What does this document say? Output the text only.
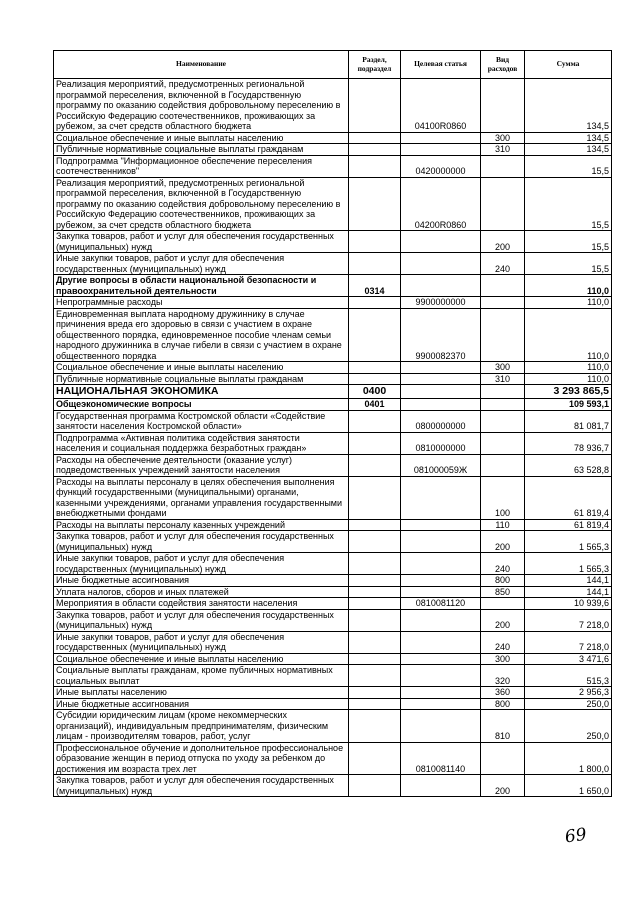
Наименование	Раздел, подраздел	Целевая статья	Вид расходов	Сумма
Реализация мероприятий, предусмотренных региональной программой переселения, включенной в Государственную программу по оказанию содействия добровольному переселению в Российскую Федерацию соотечественников, проживающих за рубежом, за счет средств областного бюджета		04100R0860		134,5
Социальное обеспечение и иные выплаты населению			300	134,5
Публичные нормативные социальные выплаты гражданам			310	134,5
Подпрограмма "Информационное обеспечение переселения соотечественников"		0420000000		15,5
Реализация мероприятий, предусмотренных региональной программой переселения, включенной в Государственную программу по оказанию содействия добровольному переселению в Российскую Федерацию соотечественников, проживающих за рубежом, за счет средств областного бюджета		04200R0860		15,5
Закупка товаров, работ и услуг для обеспечения государственных (муниципальных) нужд			200	15,5
Иные закупки товаров, работ и услуг для обеспечения государственных (муниципальных) нужд			240	15,5
Другие вопросы в области национальной безопасности и правоохранительной деятельности	0314			110,0
Непрограммные расходы		9900000000		110,0
Единовременная выплата народному дружиннику в случае причинения вреда его здоровью в связи с участием в охране общественного порядка, единовременное пособие членам семьи народного дружинника в случае гибели в связи с участием в охране общественного порядка		9900082370		110,0
Социальное обеспечение и иные выплаты населению			300	110,0
Публичные нормативные социальные выплаты гражданам			310	110,0
НАЦИОНАЛЬНАЯ ЭКОНОМИКА	0400			3 293 865,5
Общеэкономические вопросы	0401			109 593,1
Государственная программа Костромской области «Содействие занятости населения Костромской области»		0800000000		81 081,7
Подпрограмма «Активная политика содействия занятости населения и социальная поддержка безработных граждан»		0810000000		78 936,7
Расходы на обеспечение деятельности (оказание услуг) подведомственных учреждений занятости населения		081000059Ж		63 528,8
Расходы на выплаты персоналу в целях обеспечения выполнения функций государственными (муниципальными) органами, казенными учреждениями, органами управления государственными внебюджетными фондами			100	61 819,4
Расходы на выплаты персоналу казенных учреждений			110	61 819,4
Закупка товаров, работ и услуг для обеспечения государственных (муниципальных) нужд			200	1 565,3
Иные закупки товаров, работ и услуг для обеспечения государственных (муниципальных) нужд			240	1 565,3
Иные бюджетные ассигнования			800	144,1
Уплата налогов, сборов и иных платежей			850	144,1
Мероприятия в области содействия занятости населения		0810081120		10 939,6
Закупка товаров, работ и услуг для обеспечения государственных (муниципальных) нужд			200	7 218,0
Иные закупки товаров, работ и услуг для обеспечения государственных (муниципальных) нужд			240	7 218,0
Социальное обеспечение и иные выплаты населению			300	3 471,6
Социальные выплаты гражданам, кроме публичных нормативных социальных выплат			320	515,3
Иные выплаты населению			360	2 956,3
Иные бюджетные ассигнования			800	250,0
Субсидии юридическим лицам (кроме некоммерческих организаций), индивидуальным предпринимателям, физическим лицам - производителям товаров, работ, услуг			810	250,0
Профессиональное обучение и дополнительное профессиональное образование женщин в период отпуска по уходу за ребенком до достижения им возраста трех лет		0810081140		1 800,0
Закупка товаров, работ и услуг для обеспечения государственных (муниципальных) нужд			200	1 650,0
69
